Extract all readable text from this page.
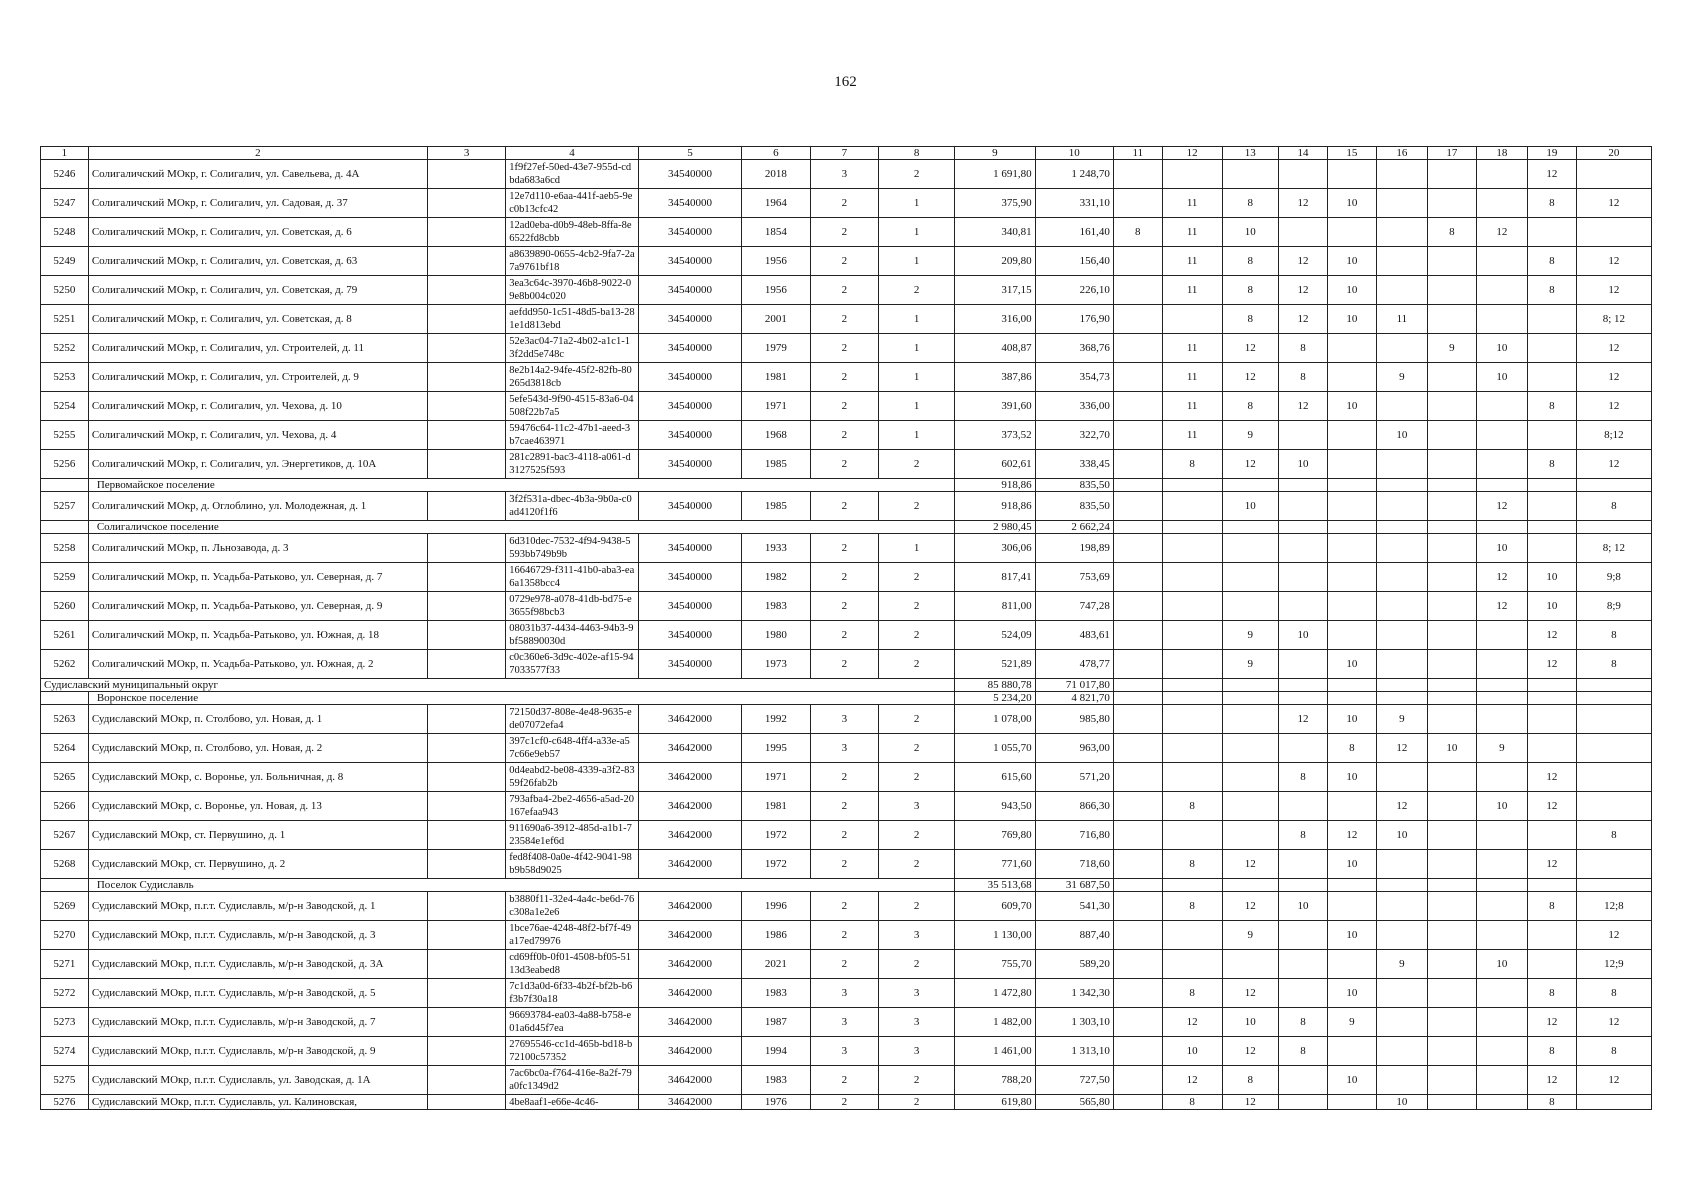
162
1	2	3	4	5	6	7	8	9	10	11	12	13	14	15	16	17	18	19	20
5246	Солигаличский МОкр, г. Солигалич, ул. Савельева, д. 4А		1f9f27ef-50ed-43e7-955d-cdbda683a6cd	34540000	2018	3	2	1 691,80	1 248,70									12	
5247	Солигаличский МОкр, г. Солигалич, ул. Садовая, д. 37		12e7d110-e6aa-441f-aeb5-9ec0b13cfc42	34540000	1964	2	1	375,90	331,10		11	8	12	10				8	12
5248	Солигаличский МОкр, г. Солигалич, ул. Советская, д. 6		12ad0eba-d0b9-48eb-8ffa-8e6522fd8cbb	34540000	1854	2	1	340,81	161,40	8	11	10				8	12		
5249	Солигаличский МОкр, г. Солигалич, ул. Советская, д. 63		a8639890-0655-4cb2-9fa7-2a7a9761bf18	34540000	1956	2	1	209,80	156,40		11	8	12	10				8	12
5250	Солигаличский МОкр, г. Солигалич, ул. Советская, д. 79		3ea3c64c-3970-46b8-9022-09e8b004c020	34540000	1956	2	2	317,15	226,10		11	8	12	10				8	12
5251	Солигаличский МОкр, г. Солигалич, ул. Советская, д. 8		aefdd950-1c51-48d5-ba13-281e1d813ebd	34540000	2001	2	1	316,00	176,90			8	12	10	11				8; 12
5252	Солигаличский МОкр, г. Солигалич, ул. Строителей, д. 11		52e3ac04-71a2-4b02-a1c1-13f2dd5e748c	34540000	1979	2	1	408,87	368,76		11	12	8			9	10		12
5253	Солигаличский МОкр, г. Солигалич, ул. Строителей, д. 9		8e2b14a2-94fe-45f2-82fb-80265d3818cb	34540000	1981	2	1	387,86	354,73		11	12	8		9		10		12
5254	Солигаличский МОкр, г. Солигалич, ул. Чехова, д. 10		5efe543d-9f90-4515-83a6-04508f22b7a5	34540000	1971	2	1	391,60	336,00		11	8	12	10				8	12
5255	Солигаличский МОкр, г. Солигалич, ул. Чехова, д. 4		59476c64-11c2-47b1-aeed-3b7cae463971	34540000	1968	2	1	373,52	322,70		11	9			10				8;12
5256	Солигаличский МОкр, г. Солигалич, ул. Энергетиков, д. 10А		281c2891-bac3-4118-a061-d3127525f593	34540000	1985	2	2	602,61	338,45		8	12	10					8	12
	Первомайское поселение							918,86	835,50										
5257	Солигаличский МОкр, д. Оглоблино, ул. Молодежная, д. 1		3f2f531a-dbec-4b3a-9b0a-c0ad4120f1f6	34540000	1985	2	2	918,86	835,50			10					12		8
	Солигаличское поселение							2 980,45	2 662,24										
5258	Солигаличский МОкр, п. Льнозавода, д. 3		6d310dec-7532-4f94-9438-5593bb749b9b	34540000	1933	2	1	306,06	198,89								10		8; 12
5259	Солигаличский МОкр, п. Усадьба-Ратьково, ул. Северная, д. 7		16646729-f311-41b0-aba3-ea6a1358bcc4	34540000	1982	2	2	817,41	753,69								12	10	9;8
5260	Солигаличский МОкр, п. Усадьба-Ратьково, ул. Северная, д. 9		0729e978-a078-41db-bd75-e3655f98bcb3	34540000	1983	2	2	811,00	747,28								12	10	8;9
5261	Солигаличский МОкр, п. Усадьба-Ратьково, ул. Южная, д. 18		08031b37-4434-4463-94b3-9bf58890030d	34540000	1980	2	2	524,09	483,61			9	10					12	8
5262	Солигаличский МОкр, п. Усадьба-Ратьково, ул. Южная, д. 2		c0c360e6-3d9c-402e-af15-947033577f33	34540000	1973	2	2	521,89	478,77			9		10				12	8
Судиславский муниципальный округ								85 880,78	71 017,80										
	Воронское поселение							5 234,20	4 821,70										
5263	Судиславский МОкр, п. Столбово, ул. Новая, д. 1		72150d37-808e-4e48-9635-ede07072efa4	34642000	1992	3	2	1 078,00	985,80				12	10	9				
5264	Судиславский МОкр, п. Столбово, ул. Новая, д. 2		397c1cf0-c648-4ff4-a33e-a57c66e9eb57	34642000	1995	3	2	1 055,70	963,00					8	12	10	9		
5265	Судиславский МОкр, с. Воронье, ул. Больничная, д. 8		0d4eabd2-be08-4339-a3f2-8359f26fab2b	34642000	1971	2	2	615,60	571,20				8	10				12	
5266	Судиславский МОкр, с. Воронье, ул. Новая, д. 13		793afba4-2be2-4656-a5ad-20167efaa943	34642000	1981	2	3	943,50	866,30		8				12		10	12	
5267	Судиславский МОкр, ст. Первушино, д. 1		911690a6-3912-485d-a1b1-723584e1ef6d	34642000	1972	2	2	769,80	716,80				8	12	10				8
5268	Судиславский МОкр, ст. Первушино, д. 2		fed8f408-0a0e-4f42-9041-98b9b58d9025	34642000	1972	2	2	771,60	718,60		8	12		10				12	
	Поселок Судиславль							35 513,68	31 687,50										
5269	Судиславский МОкр, п.г.т. Судиславль, м/р-н Заводской, д. 1		b3880f11-32e4-4a4c-be6d-76c308a1e2e6	34642000	1996	2	2	609,70	541,30		8	12	10					8	12;8
5270	Судиславский МОкр, п.г.т. Судиславль, м/р-н Заводской, д. 3		1bce76ae-4248-48f2-bf7f-49a17ed79976	34642000	1986	2	3	1 130,00	887,40			9		10					12
5271	Судиславский МОкр, п.г.т. Судиславль, м/р-н Заводской, д. 3А		cd69ff0b-0f01-4508-bf05-5113d3eabed8	34642000	2021	2	2	755,70	589,20						9		10		12;9
5272	Судиславский МОкр, п.г.т. Судиславль, м/р-н Заводской, д. 5		7c1d3a0d-6f33-4b2f-bf2b-b6f3b7f30a18	34642000	1983	3	3	1 472,80	1 342,30		8	12		10				8	8
5273	Судиславский МОкр, п.г.т. Судиславль, м/р-н Заводской, д. 7		96693784-ea03-4a88-b758-e01a6d45f7ea	34642000	1987	3	3	1 482,00	1 303,10		12	10	8	9				12	12
5274	Судиславский МОкр, п.г.т. Судиславль, м/р-н Заводской, д. 9		27695546-cc1d-465b-bd18-b72100c57352	34642000	1994	3	3	1 461,00	1 313,10		10	12	8					8	8
5275	Судиславский МОкр, п.г.т. Судиславль, ул. Заводская, д. 1А		7ac6bc0a-f764-416e-8a2f-79a0fc1349d2	34642000	1983	2	2	788,20	727,50		12	8		10				12	12
5276	Судиславский МОкр, п.г.т. Судиславль, ул. Калиновская,		4be8aaf1-e66e-4c46-	34642000	1976	2	2	619,80	565,80		8	12			10			8	
